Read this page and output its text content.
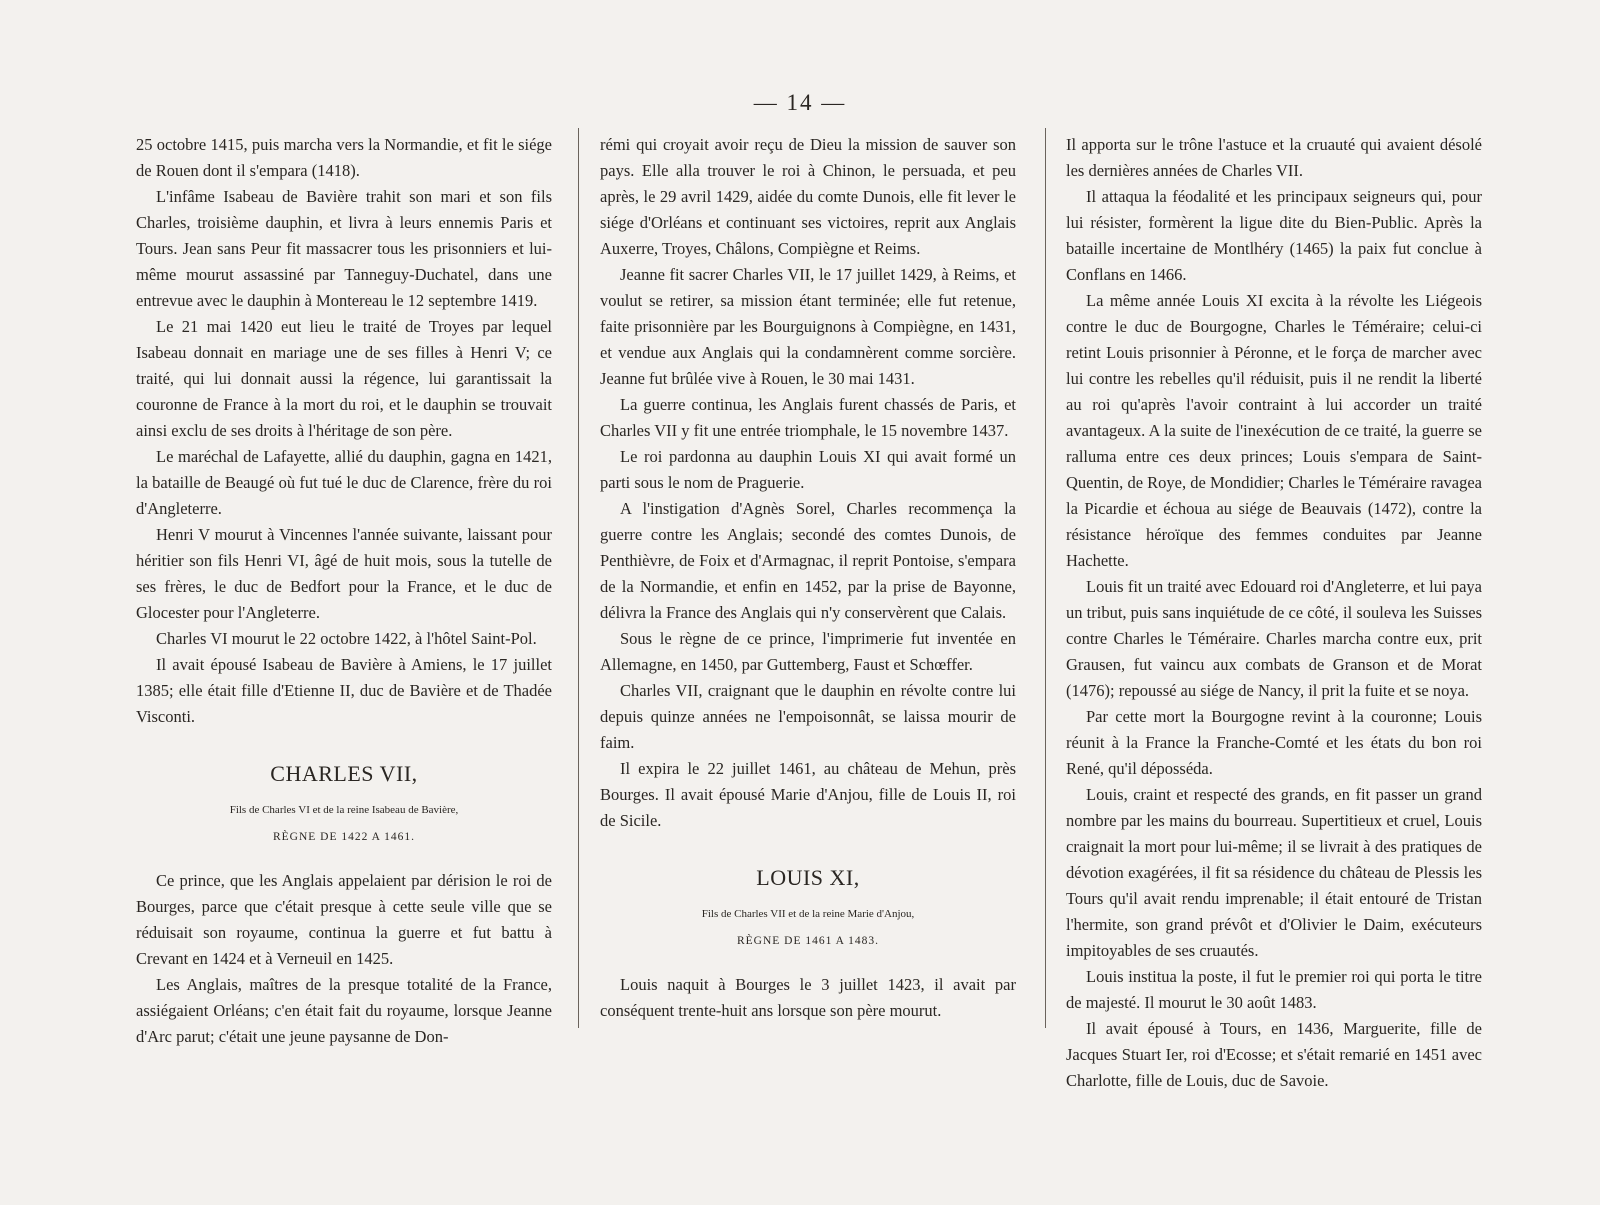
— 14 —

25 octobre 1415, puis marcha vers la Normandie, et fit le siége de Rouen dont il s'empara (1418).

L'infâme Isabeau de Bavière trahit son mari et son fils Charles, troisième dauphin, et livra à leurs ennemis Paris et Tours. Jean sans Peur fit massacrer tous les prisonniers et lui-même mourut assassiné par Tanneguy-Duchatel, dans une entrevue avec le dauphin à Montereau le 12 septembre 1419.

Le 21 mai 1420 eut lieu le traité de Troyes par lequel Isabeau donnait en mariage une de ses filles à Henri V; ce traité, qui lui donnait aussi la régence, lui garantissait la couronne de France à la mort du roi, et le dauphin se trouvait ainsi exclu de ses droits à l'héritage de son père.

Le maréchal de Lafayette, allié du dauphin, gagna en 1421, la bataille de Beaugé où fut tué le duc de Clarence, frère du roi d'Angleterre.

Henri V mourut à Vincennes l'année suivante, laissant pour héritier son fils Henri VI, âgé de huit mois, sous la tutelle de ses frères, le duc de Bedfort pour la France, et le duc de Glocester pour l'Angleterre.

Charles VI mourut le 22 octobre 1422, à l'hôtel Saint-Pol.

Il avait épousé Isabeau de Bavière à Amiens, le 17 juillet 1385; elle était fille d'Etienne II, duc de Bavière et de Thadée Visconti.

CHARLES VII,
Fils de Charles VI et de la reine Isabeau de Bavière,
RÈGNE DE 1422 A 1461.

Ce prince, que les Anglais appelaient par dérision le roi de Bourges, parce que c'était presque à cette seule ville que se réduisait son royaume, continua la guerre et fut battu à Crevant en 1424 et à Verneuil en 1425.

Les Anglais, maîtres de la presque totalité de la France, assiégaient Orléans; c'en était fait du royaume, lorsque Jeanne d'Arc parut; c'était une jeune paysanne de Don-

rémi qui croyait avoir reçu de Dieu la mission de sauver son pays. Elle alla trouver le roi à Chinon, le persuada, et peu après, le 29 avril 1429, aidée du comte Dunois, elle fit lever le siége d'Orléans et continuant ses victoires, reprit aux Anglais Auxerre, Troyes, Châlons, Compiègne et Reims.

Jeanne fit sacrer Charles VII, le 17 juillet 1429, à Reims, et voulut se retirer, sa mission étant terminée; elle fut retenue, faite prisonnière par les Bourguignons à Compiègne, en 1431, et vendue aux Anglais qui la condamnèrent comme sorcière. Jeanne fut brûlée vive à Rouen, le 30 mai 1431.

La guerre continua, les Anglais furent chassés de Paris, et Charles VII y fit une entrée triomphale, le 15 novembre 1437.

Le roi pardonna au dauphin Louis XI qui avait formé un parti sous le nom de Praguerie.

A l'instigation d'Agnès Sorel, Charles recommença la guerre contre les Anglais; secondé des comtes Dunois, de Penthièvre, de Foix et d'Armagnac, il reprit Pontoise, s'empara de la Normandie, et enfin en 1452, par la prise de Bayonne, délivra la France des Anglais qui n'y conservèrent que Calais.

Sous le règne de ce prince, l'imprimerie fut inventée en Allemagne, en 1450, par Guttemberg, Faust et Schœffer.

Charles VII, craignant que le dauphin en révolte contre lui depuis quinze années ne l'empoisonnât, se laissa mourir de faim.

Il expira le 22 juillet 1461, au château de Mehun, près Bourges. Il avait épousé Marie d'Anjou, fille de Louis II, roi de Sicile.

LOUIS XI,
Fils de Charles VII et de la reine Marie d'Anjou,
RÈGNE DE 1461 A 1483.

Louis naquit à Bourges le 3 juillet 1423, il avait par conséquent trente-huit ans lorsque son père mourut.

Il apporta sur le trône l'astuce et la cruauté qui avaient désolé les dernières années de Charles VII.

Il attaqua la féodalité et les principaux seigneurs qui, pour lui résister, formèrent la ligue dite du Bien-Public. Après la bataille incertaine de Montlhéry (1465) la paix fut conclue à Conflans en 1466.

La même année Louis XI excita à la révolte les Liégeois contre le duc de Bourgogne, Charles le Téméraire; celui-ci retint Louis prisonnier à Péronne, et le força de marcher avec lui contre les rebelles qu'il réduisit, puis il ne rendit la liberté au roi qu'après l'avoir contraint à lui accorder un traité avantageux. A la suite de l'inexécution de ce traité, la guerre se ralluma entre ces deux princes; Louis s'empara de Saint-Quentin, de Roye, de Mondidier; Charles le Téméraire ravagea la Picardie et échoua au siége de Beauvais (1472), contre la résistance héroïque des femmes conduites par Jeanne Hachette.

Louis fit un traité avec Edouard roi d'Angleterre, et lui paya un tribut, puis sans inquiétude de ce côté, il souleva les Suisses contre Charles le Téméraire. Charles marcha contre eux, prit Grausen, fut vaincu aux combats de Granson et de Morat (1476); repoussé au siége de Nancy, il prit la fuite et se noya.

Par cette mort la Bourgogne revint à la couronne; Louis réunit à la France la Franche-Comté et les états du bon roi René, qu'il déposséda.

Louis, craint et respecté des grands, en fit passer un grand nombre par les mains du bourreau. Supertitieux et cruel, Louis craignait la mort pour lui-même; il se livrait à des pratiques de dévotion exagérées, il fit sa résidence du château de Plessis les Tours qu'il avait rendu imprenable; il était entouré de Tristan l'hermite, son grand prévôt et d'Olivier le Daim, exécuteurs impitoyables de ses cruautés.

Louis institua la poste, il fut le premier roi qui porta le titre de majesté. Il mourut le 30 août 1483.

Il avait épousé à Tours, en 1436, Marguerite, fille de Jacques Stuart Ier, roi d'Ecosse; et s'était remarié en 1451 avec Charlotte, fille de Louis, duc de Savoie.
